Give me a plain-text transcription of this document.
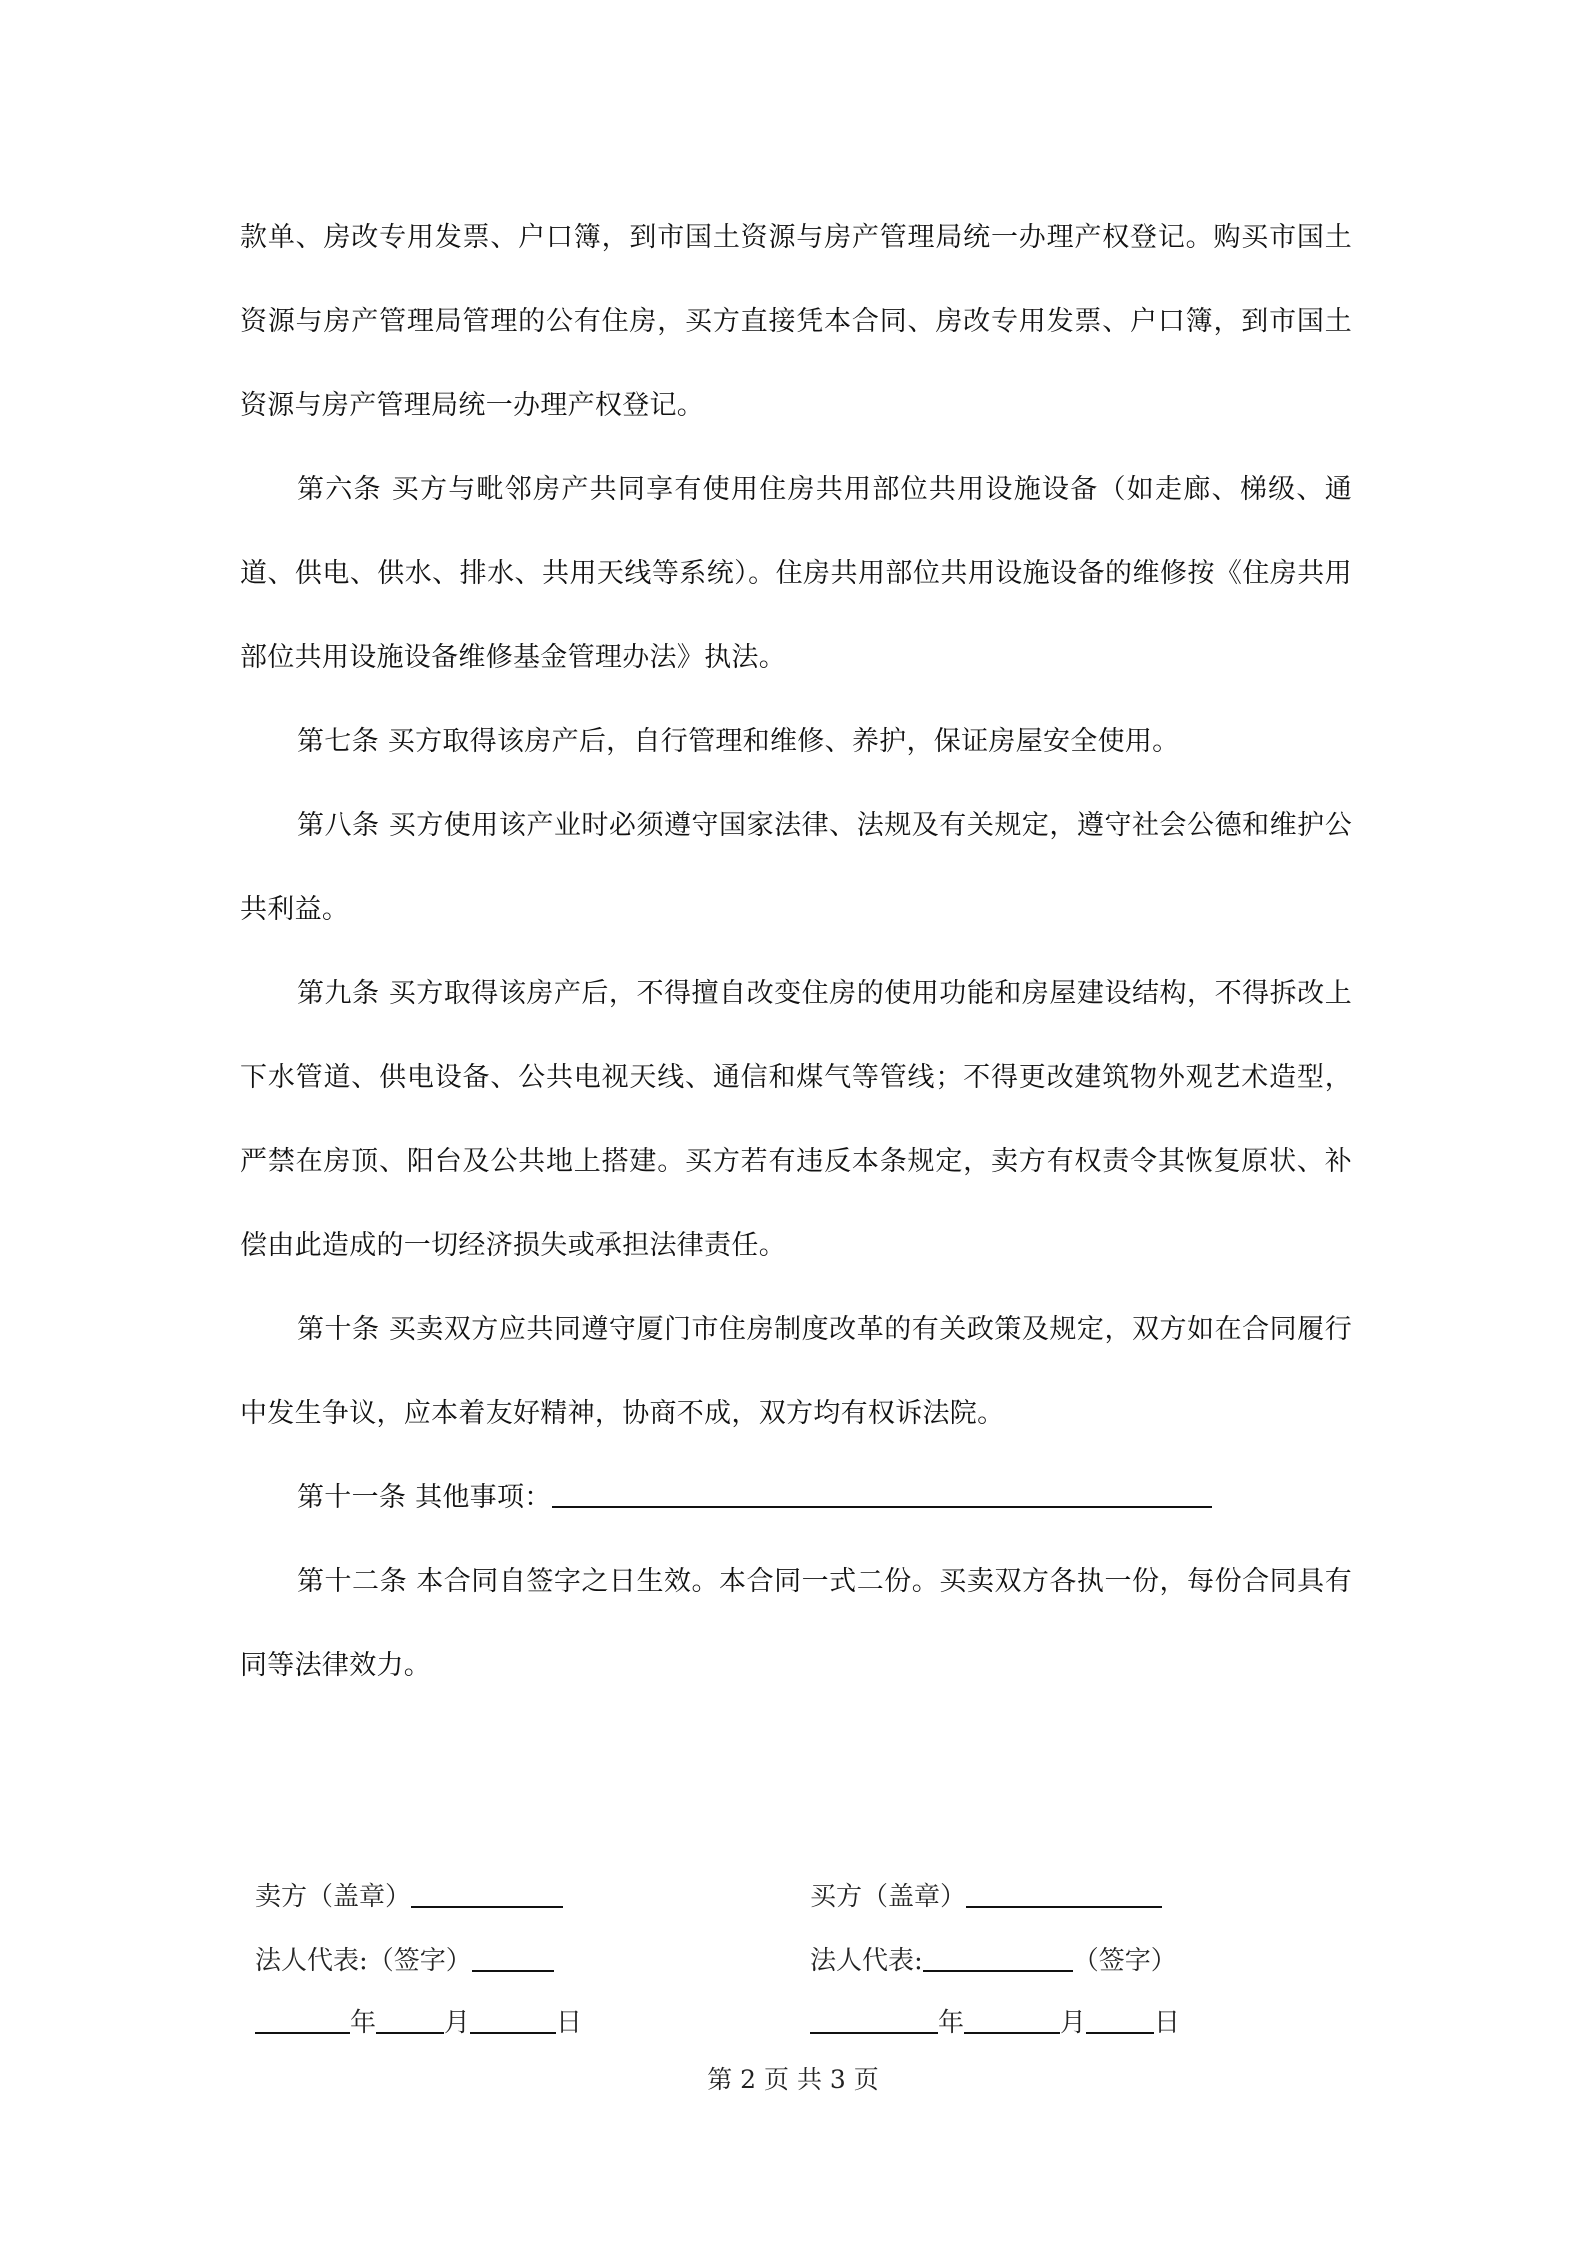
款单、房改专用发票、户口簿，到市国土资源与房产管理局统一办理产权登记。购买市国土资源与房产管理局管理的公有住房，买方直接凭本合同、房改专用发票、户口簿，到市国土资源与房产管理局统一办理产权登记。

第六条 买方与毗邻房产共同享有使用住房共用部位共用设施设备（如走廊、梯级、通道、供电、供水、排水、共用天线等系统）。住房共用部位共用设施设备的维修按《住房共用部位共用设施设备维修基金管理办法》执法。

第七条 买方取得该房产后，自行管理和维修、养护，保证房屋安全使用。

第八条 买方使用该产业时必须遵守国家法律、法规及有关规定，遵守社会公德和维护公共利益。

第九条 买方取得该房产后，不得擅自改变住房的使用功能和房屋建设结构，不得拆改上下水管道、供电设备、公共电视天线、通信和煤气等管线；不得更改建筑物外观艺术造型，严禁在房顶、阳台及公共地上搭建。买方若有违反本条规定，卖方有权责令其恢复原状、补偿由此造成的一切经济损失或承担法律责任。

第十条 买卖双方应共同遵守厦门市住房制度改革的有关政策及规定，双方如在合同履行中发生争议，应本着友好精神，协商不成，双方均有权诉法院。

第十一条 其他事项：

第十二条 本合同自签字之日生效。本合同一式二份。买卖双方各执一份，每份合同具有同等法律效力。

卖方（盖章）
法人代表:（签字）
年	月	日
买方（盖章）
法人代表:	（签字）
年	月	日
第 2 页 共 3 页
